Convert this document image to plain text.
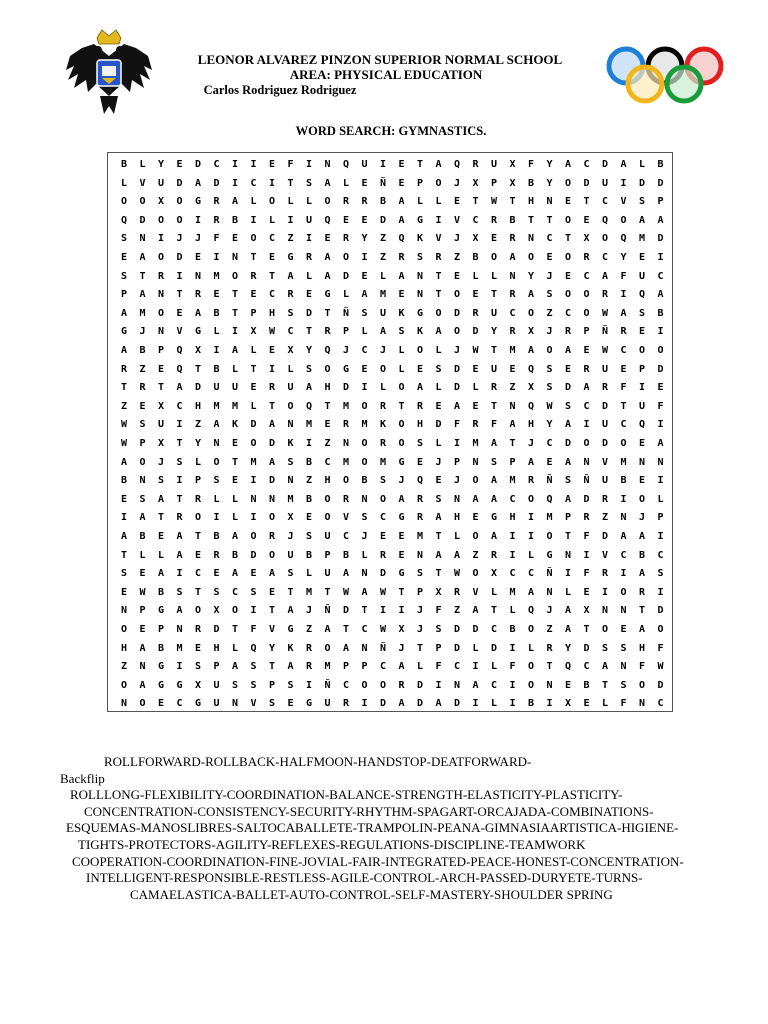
LEONOR ALVAREZ PINZON SUPERIOR NORMAL SCHOOL
AREA: PHYSICAL EDUCATION
Carlos Rodriguez Rodriguez
WORD SEARCH: GYMNASTICS.
B	L	Y	E	D	C	I	I	E	F	I	N	Q	U	I	E	T	A	Q	R	U	X	F	Y	A	C	D	A	L	B
L	V	U	D	A	D	I	C	I	T	S	A	L	E	Ñ	E	P	O	J	X	P	X	B	Y	O	D	U	I	D	D
O	O	X	O	G	R	A	L	O	L	L	O	R	R	B	A	L	L	E	T	W	T	H	N	E	T	C	V	S	P
Q	D	O	O	I	R	B	I	L	I	U	Q	E	E	D	A	G	I	V	C	R	B	T	T	O	E	Q	O	A	A
S	N	I	J	J	F	E	O	C	Z	I	E	R	Y	Z	Q	K	V	J	X	E	R	N	C	T	X	O	Q	M	D
E	A	O	D	E	I	N	T	E	G	R	A	O	I	Z	R	S	R	Z	B	O	A	O	E	O	R	C	Y	E	I
S	T	R	I	N	M	O	R	T	A	L	A	D	E	L	A	N	T	E	L	L	N	Y	J	E	C	A	F	U	C
P	A	N	T	R	E	T	E	C	R	E	G	L	A	M	E	N	T	O	E	T	R	A	S	O	O	R	I	Q	A
A	M	O	E	A	B	T	P	H	S	D	T	Ñ	S	U	K	G	O	D	R	U	C	O	Z	C	O	W	A	S	B
G	J	N	V	G	L	I	X	W	C	T	R	P	L	A	S	K	A	O	D	Y	R	X	J	R	P	Ñ	R	E	I
A	B	P	Q	X	I	A	L	E	X	Y	Q	J	C	J	L	O	L	J	W	T	M	A	O	A	E	W	C	O	O
R	Z	E	Q	T	B	L	T	I	L	S	O	G	E	O	L	E	S	D	E	U	E	Q	S	E	R	U	E	P	D
T	R	T	A	D	U	U	E	R	U	A	H	D	I	L	O	A	L	D	L	R	Z	X	S	D	A	R	F	I	E
Z	E	X	C	H	M	M	L	T	O	Q	T	M	O	R	T	R	E	A	E	T	N	Q	W	S	C	D	T	U	F
W	S	U	I	Z	A	K	D	A	N	M	E	R	M	K	O	H	D	F	R	F	A	H	Y	A	I	U	C	Q	I
W	P	X	T	Y	N	E	O	D	K	I	Z	N	O	R	O	S	L	I	M	A	T	J	C	D	O	D	O	E	A
A	O	J	S	L	O	T	M	A	S	B	C	M	O	M	G	E	J	P	N	S	P	A	E	A	N	V	M	N	N
B	N	S	I	P	S	E	I	D	N	Z	H	O	B	S	J	Q	E	J	O	A	M	R	Ñ	S	Ñ	U	B	E	I
E	S	A	T	R	L	L	N	N	M	B	O	R	N	O	A	R	S	N	A	A	C	O	Q	A	D	R	I	O	L
I	A	T	R	O	I	L	I	O	X	E	O	V	S	C	G	R	A	H	E	G	H	I	M	P	R	Z	N	J	P
A	B	E	A	T	B	A	O	R	J	S	U	C	J	E	E	M	T	L	O	A	I	I	O	T	F	D	A	A	I
T	L	L	A	E	R	B	D	O	U	B	P	B	L	R	E	N	A	A	Z	R	I	L	G	N	I	V	C	B	C
S	E	A	I	C	E	A	E	A	S	L	U	A	N	D	G	S	T	W	O	X	C	C	Ñ	I	F	R	I	A	S
E	W	B	S	T	S	C	S	E	T	M	T	W	A	W	T	P	X	R	V	L	M	A	N	L	E	I	O	R	I
N	P	G	A	O	X	O	I	T	A	J	Ñ	D	T	I	I	J	F	Z	A	T	L	Q	J	A	X	N	N	T	D
O	E	P	N	R	D	T	F	V	G	Z	A	T	C	W	X	J	S	D	D	C	B	O	Z	A	T	O	E	A	O
H	A	B	M	E	H	L	Q	Y	K	R	O	A	N	Ñ	J	T	P	D	L	D	I	L	R	Y	D	S	S	H	F
Z	N	G	I	S	P	A	S	T	A	R	M	P	P	C	A	L	F	C	I	L	F	O	T	Q	C	A	N	F	W
O	A	G	G	X	U	S	S	P	S	I	Ñ	C	O	O	R	D	I	N	A	C	I	O	N	E	B	T	S	O	D
N	O	E	C	G	U	N	V	S	E	G	U	R	I	D	A	D	A	D	I	L	I	B	I	X	E	L	F	N	C
ROLLFORWARD-ROLLBACK-HALFMOON-HANDSTOP-DEATFORWARD-
Backflip
ROLLLONG-FLEXIBILITY-COORDINATION-BALANCE-STRENGTH-ELASTICITY-PLASTICITY-
CONCENTRATION-CONSISTENCY-SECURITY-RHYTHM-SPAGART-ORCAJADA-COMBINATIONS-
ESQUEMAS-MANOSLIBRES-SALTOCABALLETE-TRAMPOLIN-PEANA-GIMNASIAARTISTICA-HIGIENE-
TIGHTS-PROTECTORS-AGILITY-REFLEXES-REGULATIONS-DISCIPLINE-TEAMWORK
COOPERATION-COORDINATION-FINE-JOVIAL-FAIR-INTEGRATED-PEACE-HONEST-CONCENTRATION-
INTELLIGENT-RESPONSIBLE-RESTLESS-AGILE-CONTROL-ARCH-PASSED-DURYETE-TURNS-
CAMAELASTICA-BALLET-AUTO-CONTROL-SELF-MASTERY-SHOULDER SPRING
